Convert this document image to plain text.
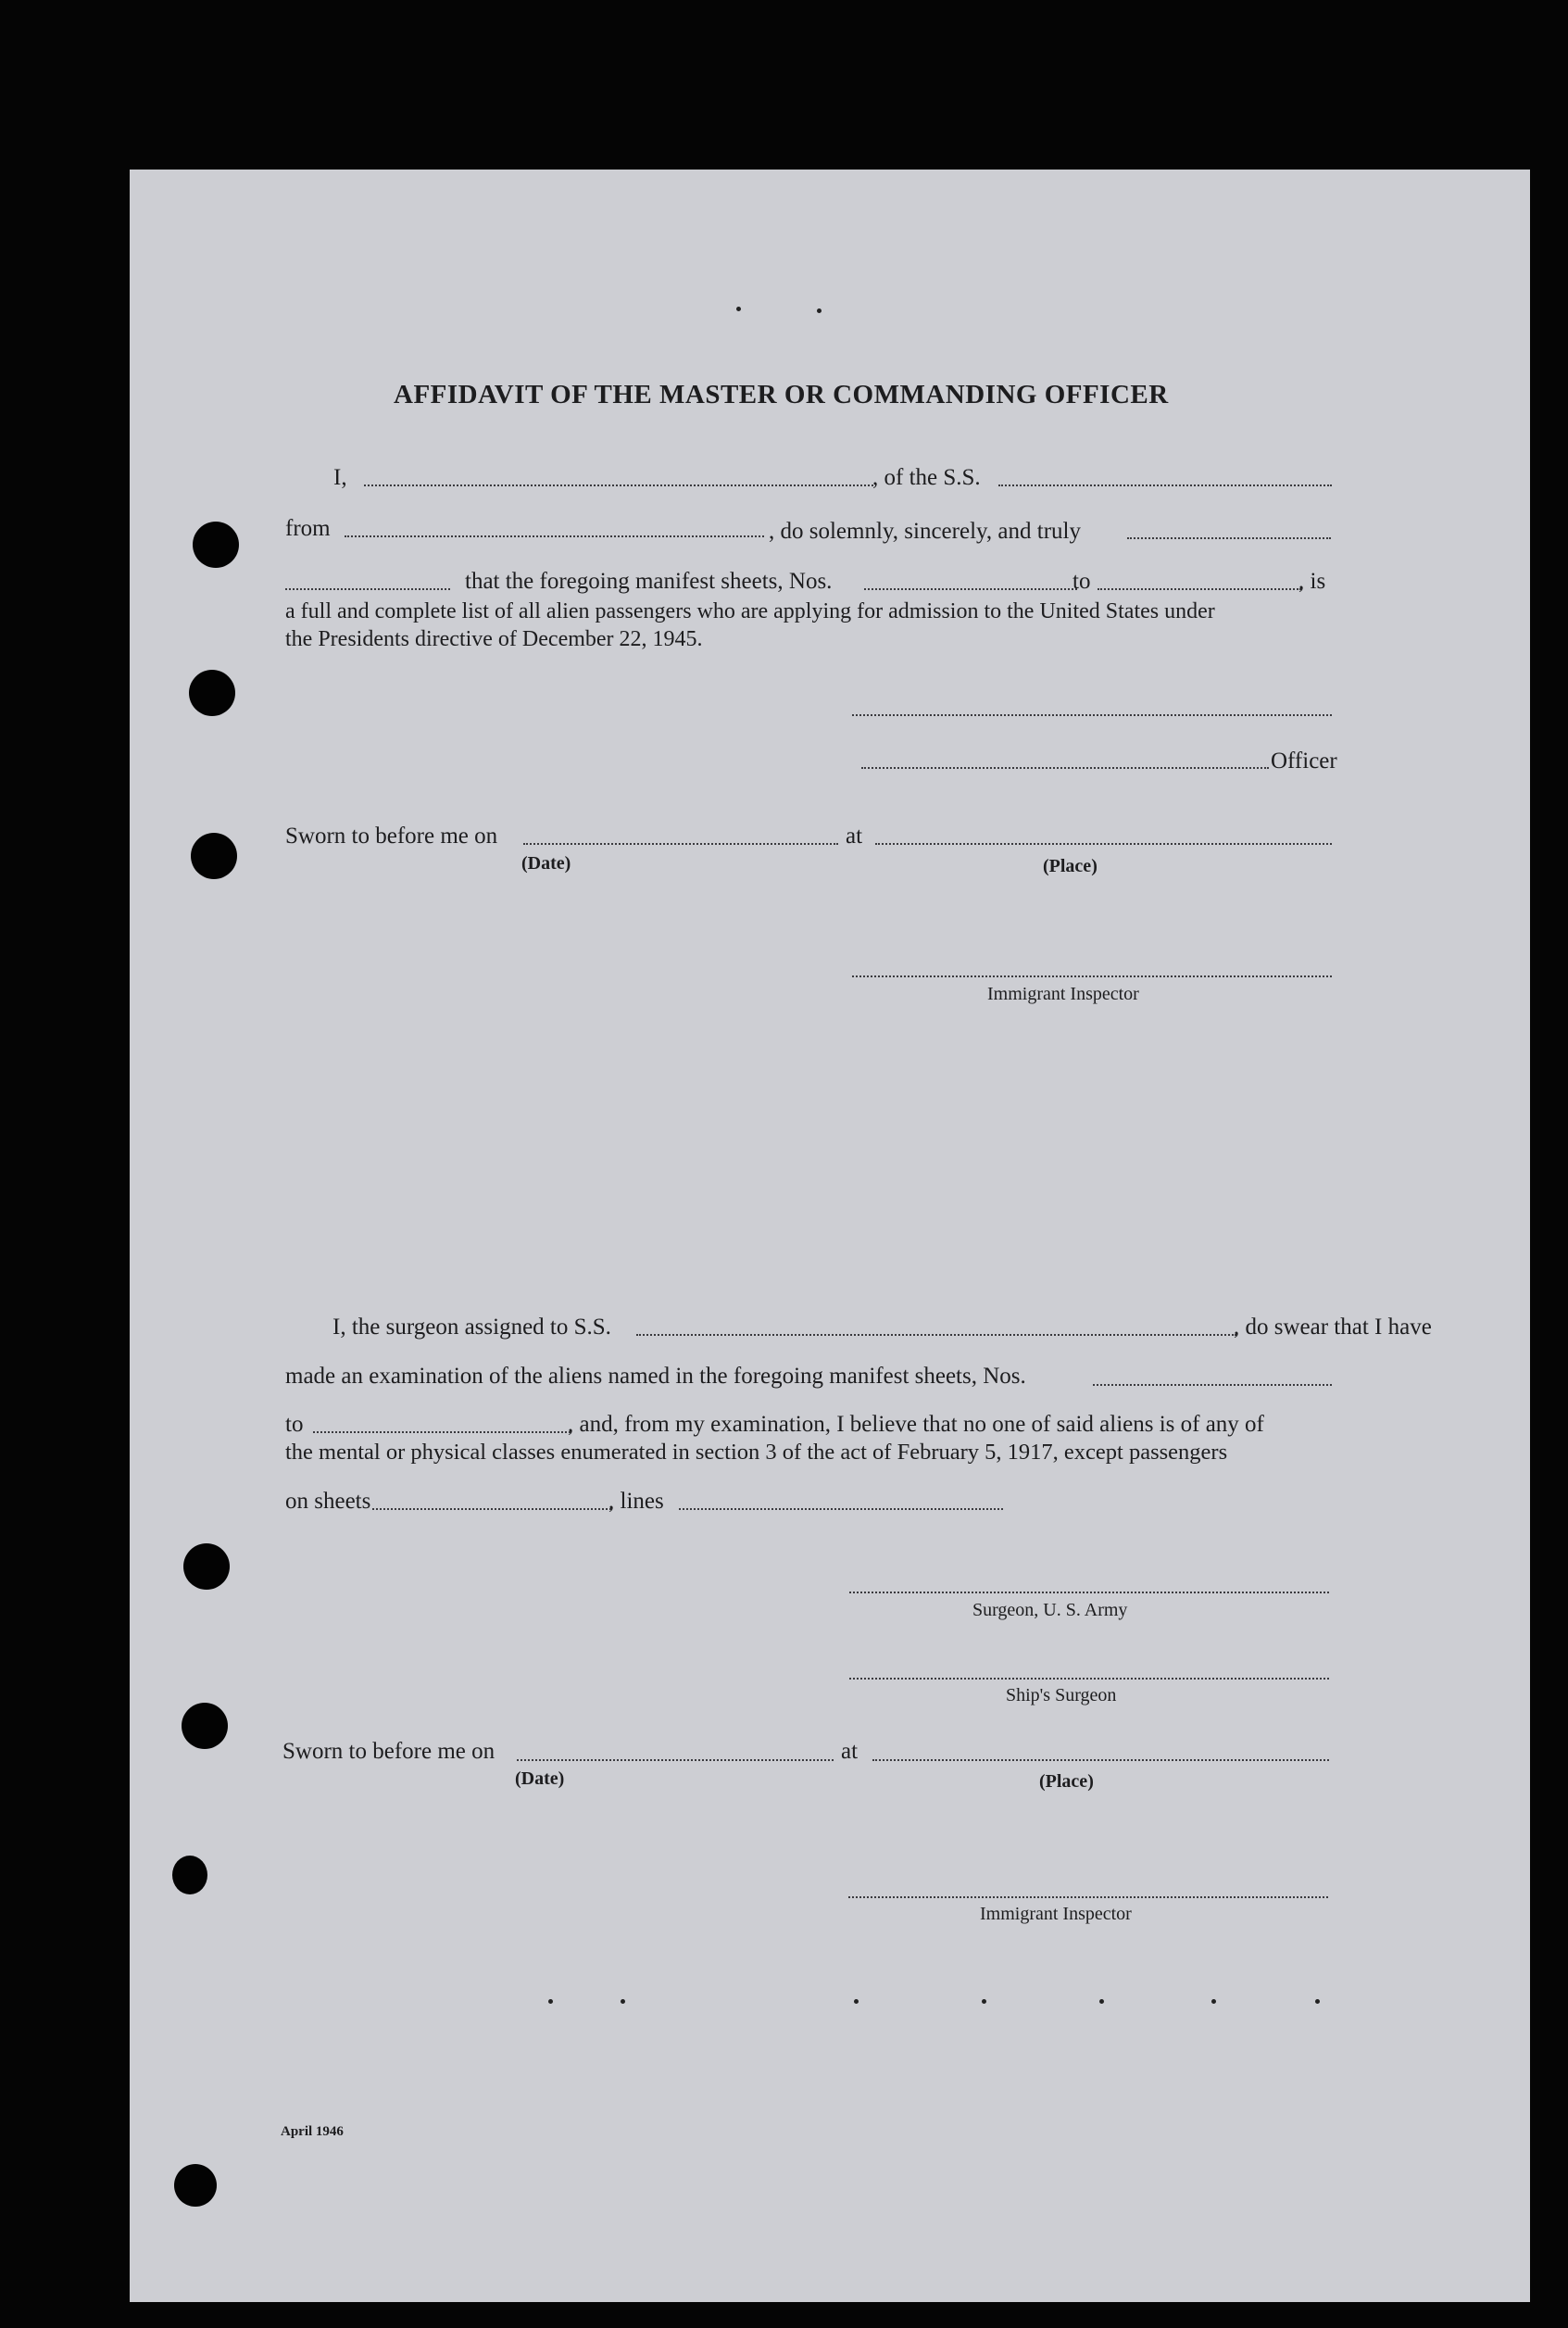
AFFIDAVIT OF THE MASTER OR COMMANDING OFFICER
I,	, of the S.S.
from	, do solemnly, sincerely, and truly
that the foregoing manifest sheets, Nos.	to	, is
a full and complete list of all alien passengers who are applying for admission to the United States under
the Presidents directive of December 22, 1945.
Officer
Sworn to before me on	at
(Date)	(Place)
Immigrant Inspector
I, the surgeon assigned to S.S.	, do swear that I have
made an examination of the aliens named in the foregoing manifest sheets, Nos.
to	, and, from my examination, I believe that no one of said aliens is of any of
the mental or physical classes enumerated in section 3 of the act of February 5, 1917, except passengers
on sheets	, lines
Surgeon, U. S. Army
Ship's Surgeon
Sworn to before me on	at
(Date)	(Place)
Immigrant Inspector
April 1946
